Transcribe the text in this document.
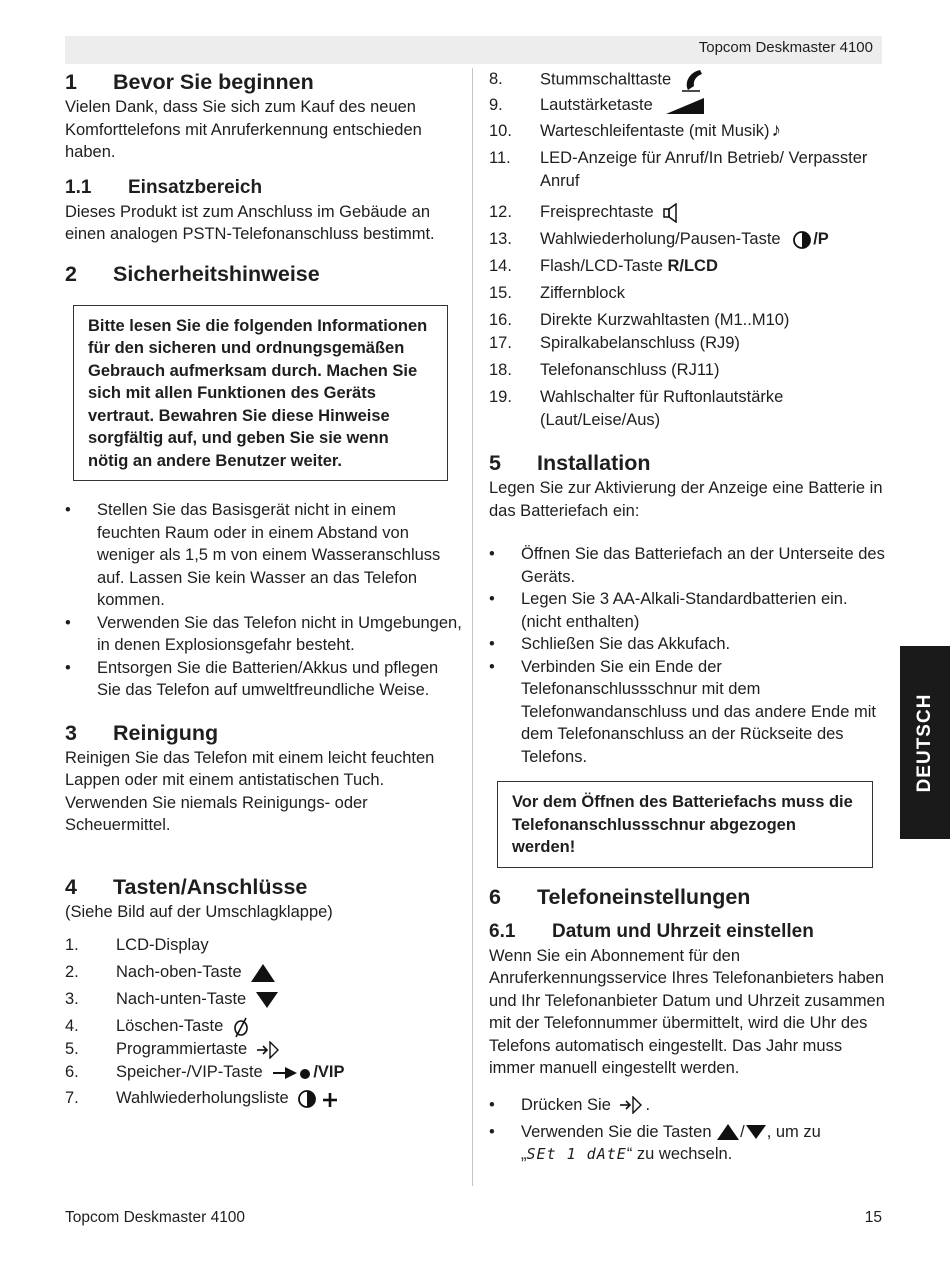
Topcom Deskmaster 4100
1	Bevor Sie beginnen

Vielen Dank, dass Sie sich zum Kauf des neuen Komforttelefons mit Anruferkennung entschieden haben.

1.1	Einsatzbereich

Dieses Produkt ist zum Anschluss im Gebäude an einen analogen PSTN-Telefonanschluss bestimmt.

2	Sicherheitshinweise
Bitte lesen Sie die folgenden Informationen für den sicheren und ordnungsgemäßen Gebrauch aufmerksam durch. Machen Sie sich mit allen Funktionen des Geräts vertraut. Bewahren Sie diese Hinweise sorgfältig auf, und geben Sie sie wenn nötig an andere Benutzer weiter.
• Stellen Sie das Basisgerät nicht in einem feuchten Raum oder in einem Abstand von weniger als 1,5 m von einem Wasseranschluss auf. Lassen Sie kein Wasser an das Telefon kommen.
• Verwenden Sie das Telefon nicht in Umgebungen, in denen Explosionsgefahr besteht.
• Entsorgen Sie die Batterien/Akkus und pflegen Sie das Telefon auf umweltfreundliche Weise.
3	Reinigung

Reinigen Sie das Telefon mit einem leicht feuchten Lappen oder mit einem antistatischen Tuch. Verwenden Sie niemals Reinigungs- oder Scheuermittel.

4	Tasten/Anschlüsse

(Siehe Bild auf der Umschlagklappe)

1.	LCD-Display
2.	Nach-oben-Taste
3.	Nach-unten-Taste
4.	Löschen-Taste
5.	Programmiertaste
6.	Speicher-/VIP-Taste	/VIP
7.	Wahlwiederholungsliste
8.	Stummschalttaste
9.	Lautstärketaste
10.	Warteschleifentaste (mit Musik) ♪
11.	LED-Anzeige für Anruf/In Betrieb/ Verpasster Anruf
12.	Freisprechtaste
13.	Wahlwiederholung/Pausen-Taste /P
14.	Flash/LCD-Taste R/LCD
15.	Ziffernblock
16.	Direkte Kurzwahltasten (M1..M10)
17.	Spiralkabelanschluss (RJ9)
18.	Telefonanschluss (RJ11)
19.	Wahlschalter für Ruftonlautstärke (Laut/Leise/Aus)
5	Installation

Legen Sie zur Aktivierung der Anzeige eine Batterie in das Batteriefach ein:

• Öffnen Sie das Batteriefach an der Unterseite des Geräts.
• Legen Sie 3 AA-Alkali-Standardbatterien ein. (nicht enthalten)
• Schließen Sie das Akkufach.
• Verbinden Sie ein Ende der Telefonanschlussschnur mit dem Telefonwandanschluss und das andere Ende mit dem Telefonanschluss an der Rückseite des Telefons.
Vor dem Öffnen des Batteriefachs muss die Telefonanschlussschnur abgezogen werden!
6	Telefoneinstellungen
6.1	Datum und Uhrzeit einstellen

Wenn Sie ein Abonnement für den Anruferkennungsservice Ihres Telefonanbieters haben und Ihr Telefonanbieter Datum und Uhrzeit zusammen mit der Telefonnummer übermittelt, wird die Uhr des Telefons automatisch eingestellt. Das Jahr muss immer manuell eingestellt werden.

• Drücken Sie .
• Verwenden Sie die Tasten / , um zu
„SEt 1 dAtE“ zu wechseln.
DEUTSCH
Topcom Deskmaster 4100	15
